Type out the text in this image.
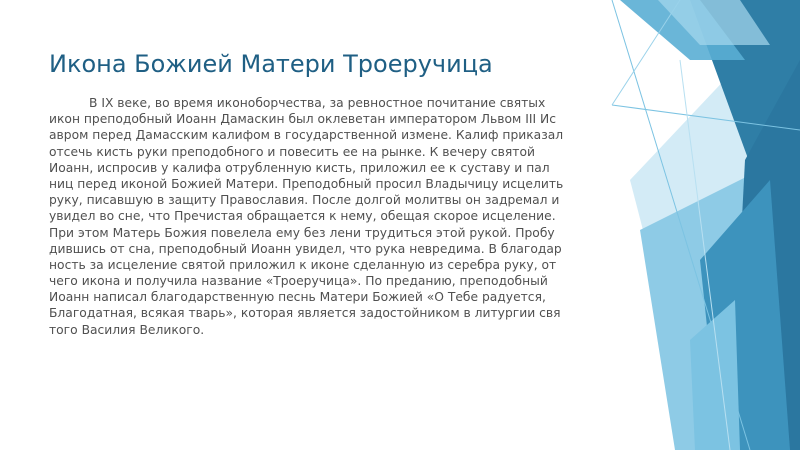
Икона Божией Матери Троеручица
В IX веке, во время иконоборчества, за ревностное почитание святых
икон преподобный Иоанн Дамаскин был оклеветан императором Львом III Ис
авром перед Дамасским калифом в государственной измене. Калиф приказал
отсечь кисть руки преподобного и повесить ее на рынке. К вечеру святой
Иоанн, испросив у калифа отрубленную кисть, приложил ее к суставу и пал
ниц перед иконой Божией Матери. Преподобный просил Владычицу исцелить
руку, писавшую в защиту Православия. После долгой молитвы он задремал и
увидел во сне, что Пречистая обращается к нему, обещая скорое исцеление.
При этом Матерь Божия повелела ему без лени трудиться этой рукой. Пробу
дившись от сна, преподобный Иоанн увидел, что рука невредима. В благодар
ность за исцеление святой приложил к иконе сделанную из серебра руку, от
чего икона и получила название «Троеручица». По преданию, преподобный
Иоанн написал благодарственную песнь Матери Божией «О Тебе радуется,
Благодатная, всякая тварь», которая является задостойником в литургии свя
того Василия Великого.
